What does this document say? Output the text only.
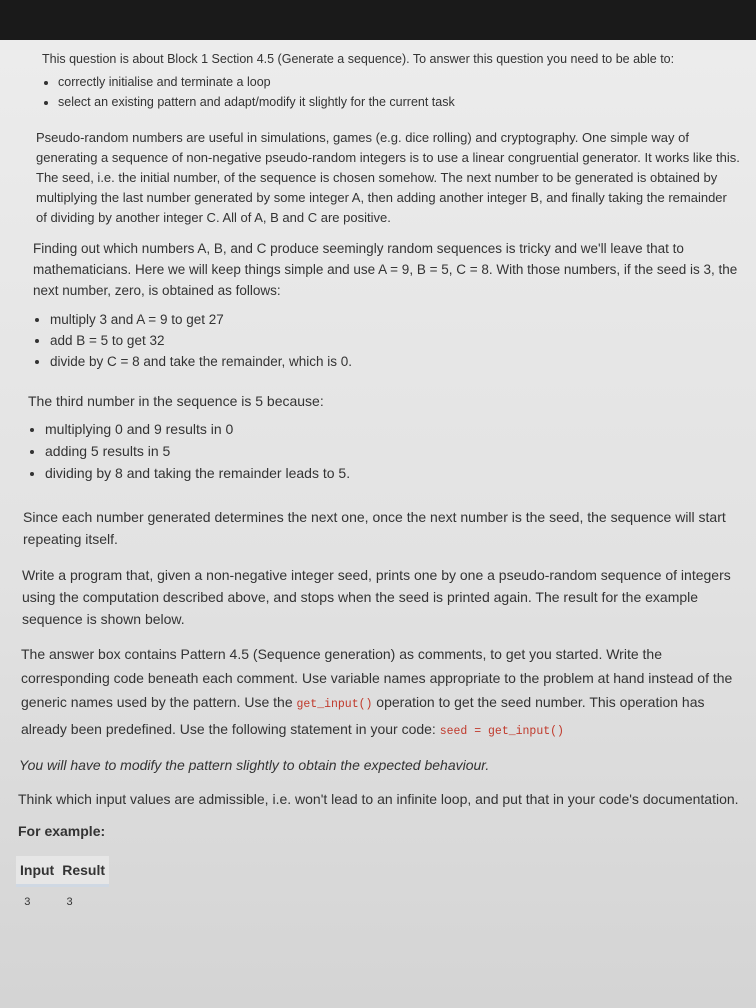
This question is about Block 1 Section 4.5 (Generate a sequence). To answer this question you need to be able to:

• correctly initialise and terminate a loop
• select an existing pattern and adapt/modify it slightly for the current task

Pseudo-random numbers are useful in simulations, games (e.g. dice rolling) and cryptography. One simple way of generating a sequence of non-negative pseudo-random integers is to use a linear congruential generator. It works like this. The seed, i.e. the initial number, of the sequence is chosen somehow. The next number to be generated is obtained by multiplying the last number generated by some integer A, then adding another integer B, and finally taking the remainder of dividing by another integer C. All of A, B and C are positive.

Finding out which numbers A, B, and C produce seemingly random sequences is tricky and we'll leave that to mathematicians. Here we will keep things simple and use A = 9, B = 5, C = 8. With those numbers, if the seed is 3, the next number, zero, is obtained as follows:

• multiply 3 and A = 9 to get 27
• add B = 5 to get 32
• divide by C = 8 and take the remainder, which is 0.

The third number in the sequence is 5 because:

• multiplying 0 and 9 results in 0
• adding 5 results in 5
• dividing by 8 and taking the remainder leads to 5.

Since each number generated determines the next one, once the next number is the seed, the sequence will start repeating itself.

Write a program that, given a non-negative integer seed, prints one by one a pseudo-random sequence of integers using the computation described above, and stops when the seed is printed again. The result for the example sequence is shown below.

The answer box contains Pattern 4.5 (Sequence generation) as comments, to get you started. Write the corresponding code beneath each comment. Use variable names appropriate to the problem at hand instead of the generic names used by the pattern. Use the get_input() operation to get the seed number. This operation has already been predefined. Use the following statement in your code: seed = get_input()

You will have to modify the pattern slightly to obtain the expected behaviour.

Think which input values are admissible, i.e. won't lead to an infinite loop, and put that in your code's documentation.

For example:

Input	Result
3	3
